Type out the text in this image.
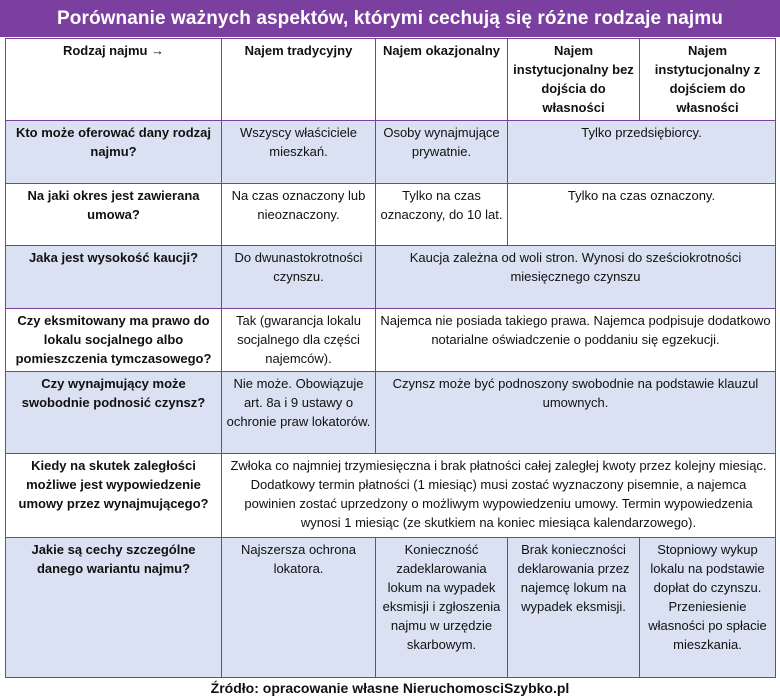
Porównanie ważnych aspektów, którymi cechują się różne rodzaje najmu
Rodzaj najmu →	Najem tradycyjny	Najem okazjonalny	Najem instytucjonalny bez dojścia do własności	Najem instytucjonalny z dojściem do własności
Kto może oferować dany rodzaj najmu?	Wszyscy właściciele mieszkań.	Osoby wynajmujące prywatnie.	Tylko przedsiębiorcy.	
Na jaki okres jest zawierana umowa?	Na czas oznaczony lub nieoznaczony.	Tylko na czas oznaczony, do 10 lat.	Tylko na czas oznaczony.	
Jaka jest wysokość kaucji?	Do dwunastokrotności czynszu.	Kaucja zależna od woli stron. Wynosi do sześciokrotności miesięcznego czynszu		
Czy eksmitowany ma prawo do lokalu socjalnego albo pomieszczenia tymczasowego?	Tak (gwarancja lokalu socjalnego dla części najemców).	Najemca nie posiada takiego prawa. Najemca podpisuje dodatkowo notarialne oświadczenie o poddaniu się egzekucji.		
Czy wynajmujący może swobodnie podnosić czynsz?	Nie może. Obowiązuje art. 8a i 9 ustawy o ochronie praw lokatorów.	Czynsz może być podnoszony swobodnie na podstawie klauzul umownych.		
Kiedy na skutek zaległości możliwe jest wypowiedzenie umowy przez wynajmującego?	Zwłoka co najmniej trzymiesięczna i brak płatności całej zaległej kwoty przez kolejny miesiąc. Dodatkowy termin płatności (1 miesiąc) musi zostać wyznaczony pisemnie, a najemca powinien zostać uprzedzony o możliwym wypowiedzeniu umowy. Termin wypowiedzenia wynosi 1 miesiąc (ze skutkiem na koniec miesiąca kalendarzowego).			
Jakie są cechy szczególne danego wariantu najmu?	Najszersza ochrona lokatora.	Konieczność zadeklarowania lokum na wypadek eksmisji i zgłoszenia najmu w urzędzie skarbowym.	Brak konieczności deklarowania przez najemcę lokum na wypadek eksmisji.	Stopniowy wykup lokalu na podstawie dopłat do czynszu. Przeniesienie własności po spłacie mieszkania.
Źródło: opracowanie własne NieruchomosciSzybko.pl
